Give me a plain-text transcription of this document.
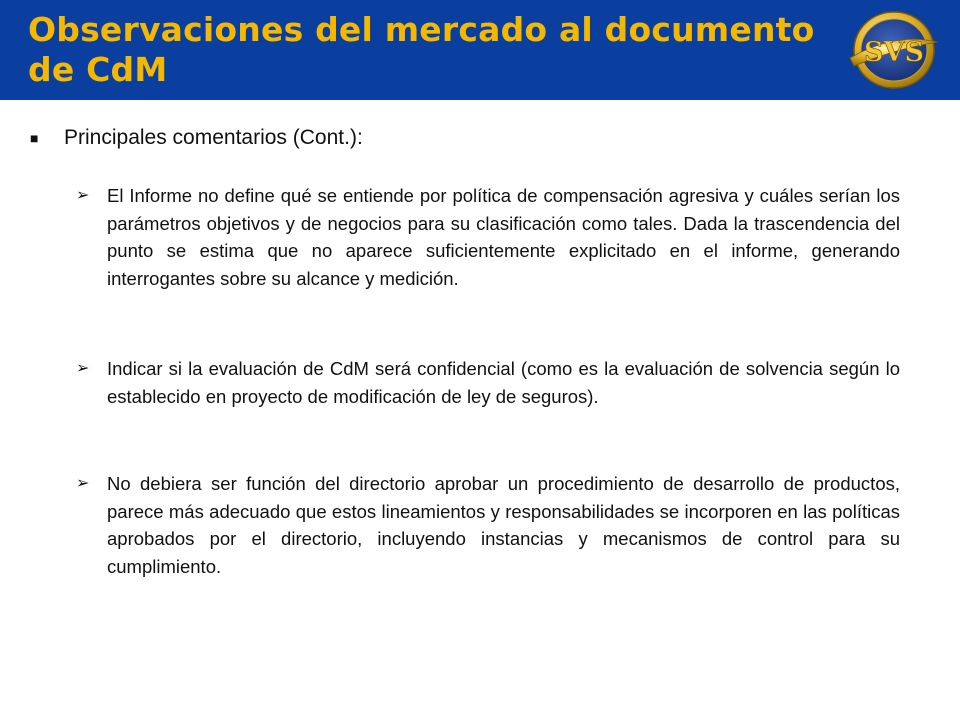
Observaciones del mercado al documento de CdM	SVS
■	Principales comentarios (Cont.):
➢ El Informe no define qué se entiende por política de compensación agresiva y cuáles serían los parámetros objetivos y de negocios para su clasificación como tales. Dada la trascendencia del punto se estima que no aparece suficientemente explicitado en el informe, generando interrogantes sobre su alcance y medición.
➢ Indicar si la evaluación de CdM será confidencial (como es la evaluación de solvencia según lo establecido en proyecto de modificación de ley de seguros).
➢ No debiera ser función del directorio aprobar un procedimiento de desarrollo de productos, parece más adecuado que estos lineamientos y responsabilidades se incorporen en las políticas aprobados por el directorio, incluyendo instancias y mecanismos de control para su cumplimiento.
